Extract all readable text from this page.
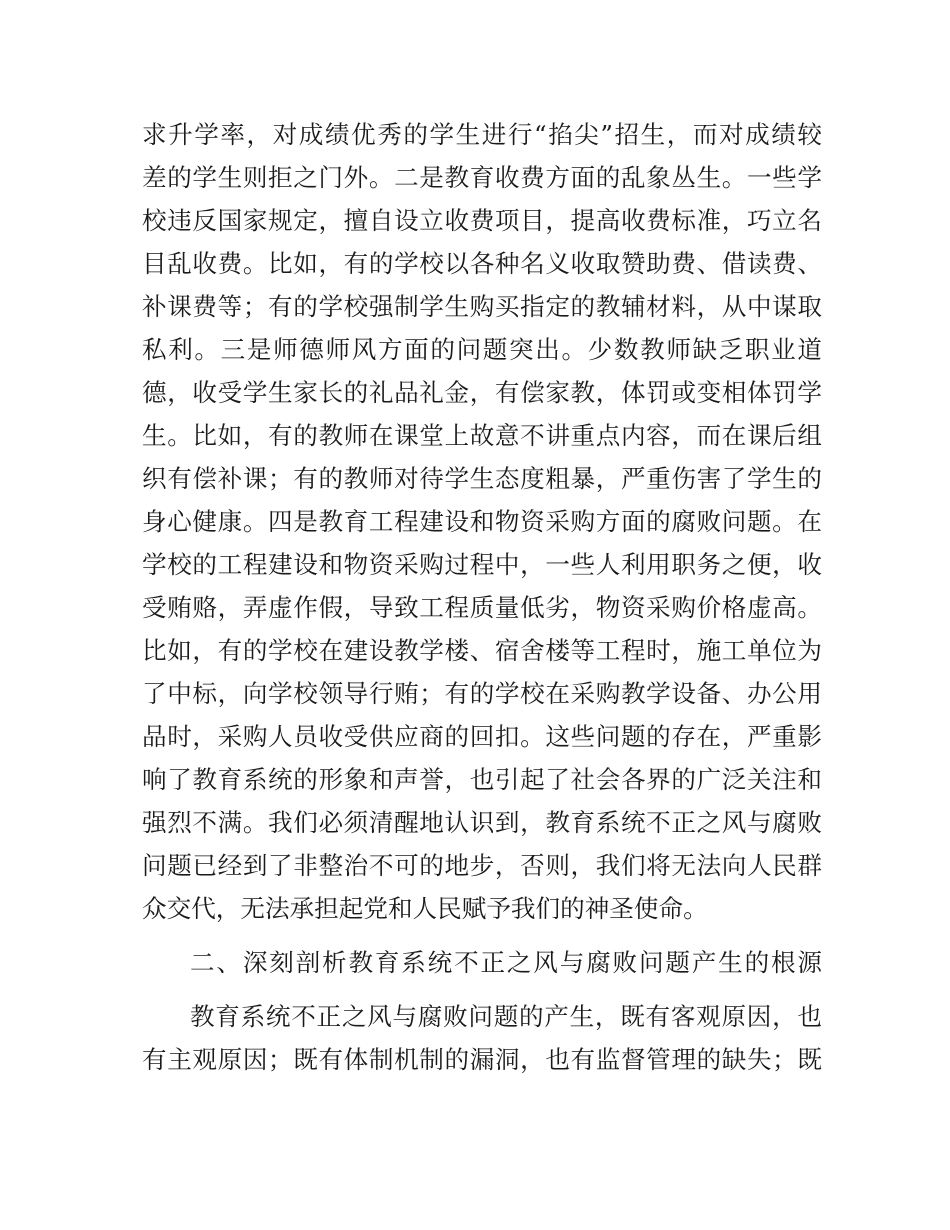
求升学率，对成绩优秀的学生进行“掐尖”招生，而对成绩较
差的学生则拒之门外。二是教育收费方面的乱象丛生。一些学
校违反国家规定，擅自设立收费项目，提高收费标准，巧立名
目乱收费。比如，有的学校以各种名义收取赞助费、借读费、
补课费等；有的学校强制学生购买指定的教辅材料，从中谋取
私利。三是师德师风方面的问题突出。少数教师缺乏职业道
德，收受学生家长的礼品礼金，有偿家教，体罚或变相体罚学
生。比如，有的教师在课堂上故意不讲重点内容，而在课后组
织有偿补课；有的教师对待学生态度粗暴，严重伤害了学生的
身心健康。四是教育工程建设和物资采购方面的腐败问题。在
学校的工程建设和物资采购过程中，一些人利用职务之便，收
受贿赂，弄虚作假，导致工程质量低劣，物资采购价格虚高。
比如，有的学校在建设教学楼、宿舍楼等工程时，施工单位为
了中标，向学校领导行贿；有的学校在采购教学设备、办公用
品时，采购人员收受供应商的回扣。这些问题的存在，严重影
响了教育系统的形象和声誉，也引起了社会各界的广泛关注和
强烈不满。我们必须清醒地认识到，教育系统不正之风与腐败
问题已经到了非整治不可的地步，否则，我们将无法向人民群
众交代，无法承担起党和人民赋予我们的神圣使命。
二、深刻剖析教育系统不正之风与腐败问题产生的根源
教育系统不正之风与腐败问题的产生，既有客观原因，也
有主观原因；既有体制机制的漏洞，也有监督管理的缺失；既
